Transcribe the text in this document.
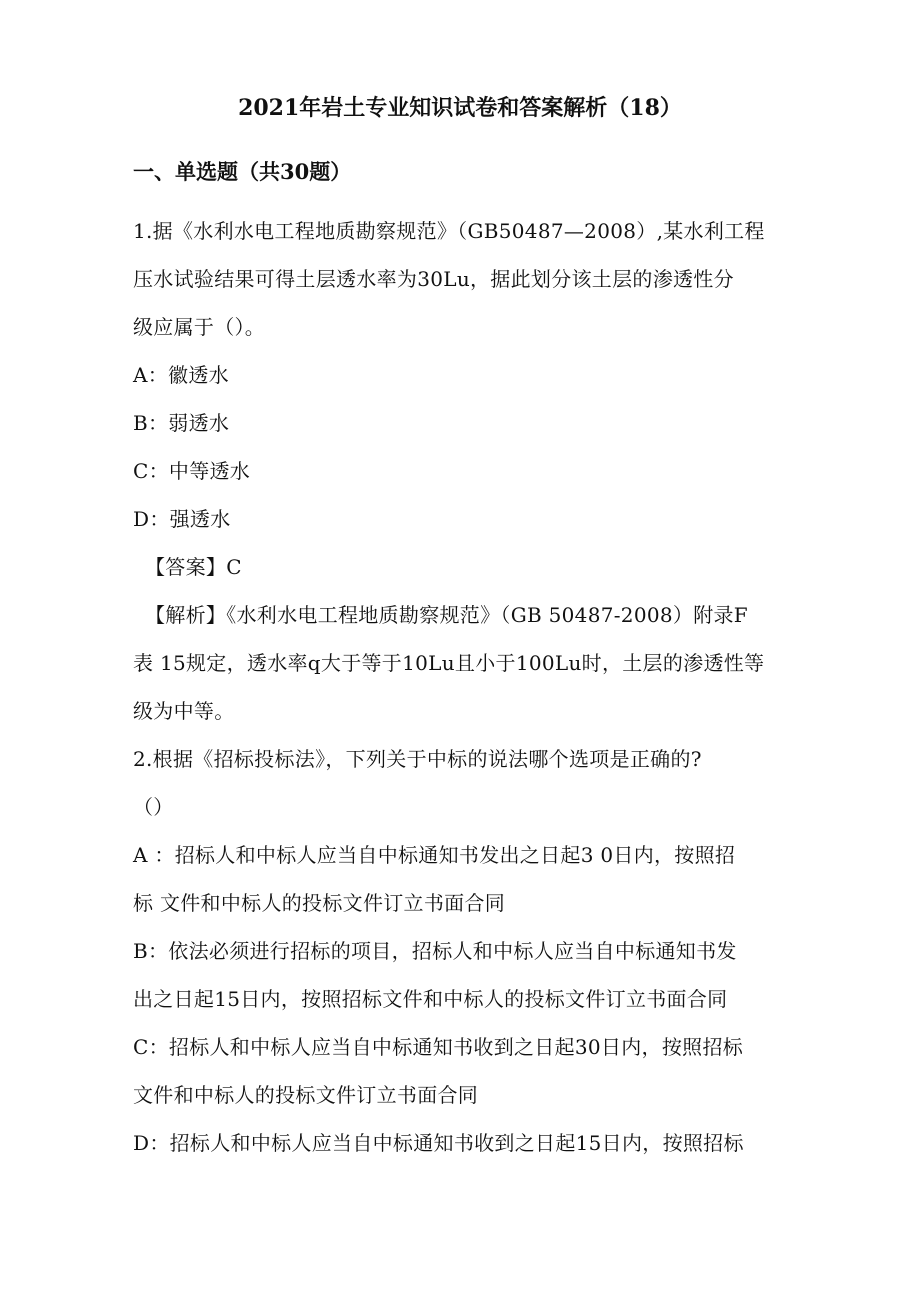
2021年岩土专业知识试卷和答案解析（18）
一、单选题（共30题）
1.据《水利水电工程地质勘察规范》（GB50487—2008）,某水利工程
压水试验结果可得土层透水率为30Lu，据此划分该土层的渗透性分
级应属于（）。
A：徽透水
B：弱透水
C：中等透水
D：强透水
【答案】C
【解析】《水利水电工程地质勘察规范》（GB 50487-2008）附录F
表 15规定，透水率q大于等于10Lu且小于100Lu时，土层的渗透性等
级为中等。
2.根据《招标投标法》，下列关于中标的说法哪个选项是正确的?
（）
A ：招标人和中标人应当自中标通知书发出之日起3 0日内，按照招
标 文件和中标人的投标文件订立书面合同
B：依法必须进行招标的项目，招标人和中标人应当自中标通知书发
出之日起15日内，按照招标文件和中标人的投标文件订立书面合同
C：招标人和中标人应当自中标通知书收到之日起30日内，按照招标
文件和中标人的投标文件订立书面合同
D：招标人和中标人应当自中标通知书收到之日起15日内，按照招标
